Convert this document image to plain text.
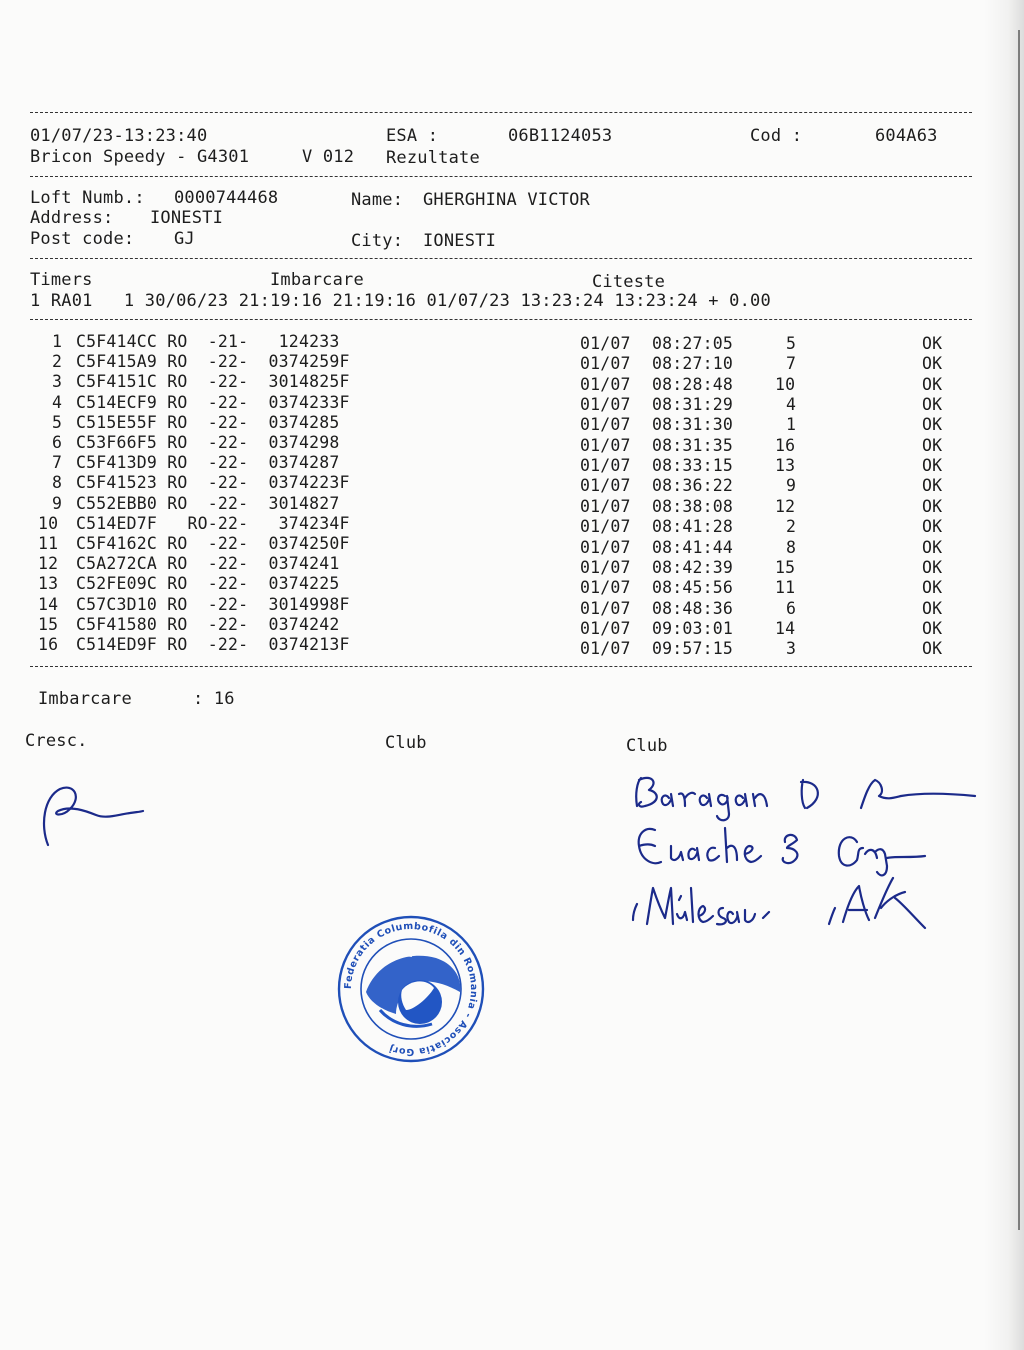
01/07/23-13:23:40
Bricon Speedy - G4301	V 012
ESA :	06B1124053
Rezultate
Cod :	604A63
Loft Numb.: 0000744468	Name: GHERGHINA VICTOR
Address: IONESTI
Post code: GJ	City: IONESTI
Timers	Imbarcare	Citeste
1 RA01   1 30/06/23 21:19:16 21:19:16 01/07/23 13:23:24 13:23:24 + 0.00
1 C5F414CC RO  -21-   124233	01/07 08:27:05	5	OK
2 C5F415A9 RO  -22-  0374259F	01/07 08:27:10	7	OK
3 C5F4151C RO  -22-  3014825F	01/07 08:28:48	10	OK
4 C514ECF9 RO  -22-  0374233F	01/07 08:31:29	4	OK
5 C515E55F RO  -22-  0374285	01/07 08:31:30	1	OK
6 C53F66F5 RO  -22-  0374298	01/07 08:31:35	16	OK
7 C5F413D9 RO  -22-  0374287	01/07 08:33:15	13	OK
8 C5F41523 RO  -22-  0374223F	01/07 08:36:22	9	OK
9 C552EBB0 RO  -22-  3014827	01/07 08:38:08	12	OK
10 C514ED7F   RO-22-   374234F	01/07 08:41:28	2	OK
11 C5F4162C RO  -22-  0374250F	01/07 08:41:44	8	OK
12 C5A272CA RO  -22-  0374241	01/07 08:42:39	15	OK
13 C52FE09C RO  -22-  0374225	01/07 08:45:56	11	OK
14 C57C3D10 RO  -22-  3014998F	01/07 08:48:36	6	OK
15 C5F41580 RO  -22-  0374242	01/07 09:03:01	14	OK
16 C514ED9F RO  -22-  0374213F	01/07 09:57:15	3	OK
Imbarcare	: 16
Cresc.	Club	Club
Federatia Columbofila din Romania - Asociatia Gorj
